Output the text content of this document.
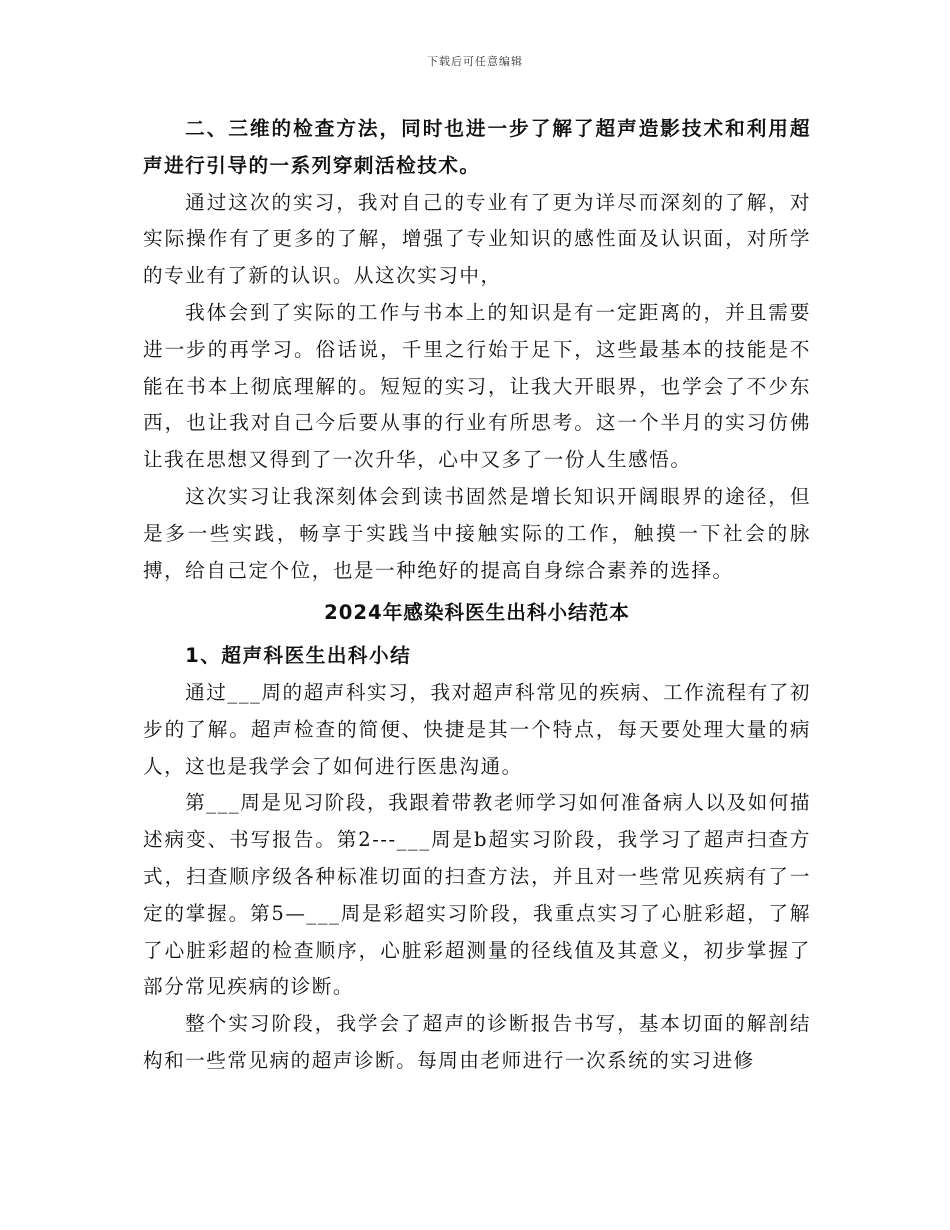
下载后可任意编辑

二、三维的检查方法，同时也进一步了解了超声造影技术和利用超声进行引导的一系列穿刺活检技术。

通过这次的实习，我对自己的专业有了更为详尽而深刻的了解，对实际操作有了更多的了解，增强了专业知识的感性面及认识面，对所学的专业有了新的认识。从这次实习中，

我体会到了实际的工作与书本上的知识是有一定距离的，并且需要进一步的再学习。俗话说，千里之行始于足下，这些最基本的技能是不能在书本上彻底理解的。短短的实习，让我大开眼界，也学会了不少东西，也让我对自己今后要从事的行业有所思考。这一个半月的实习仿佛让我在思想又得到了一次升华，心中又多了一份人生感悟。

这次实习让我深刻体会到读书固然是增长知识开阔眼界的途径，但是多一些实践，畅享于实践当中接触实际的工作，触摸一下社会的脉搏，给自己定个位，也是一种绝好的提高自身综合素养的选择。

2024年感染科医生出科小结范本

1、超声科医生出科小结

通过___周的超声科实习，我对超声科常见的疾病、工作流程有了初步的了解。超声检查的简便、快捷是其一个特点，每天要处理大量的病人，这也是我学会了如何进行医患沟通。

第___周是见习阶段，我跟着带教老师学习如何准备病人以及如何描述病变、书写报告。第2---___周是b超实习阶段，我学习了超声扫查方式，扫查顺序级各种标准切面的扫查方法，并且对一些常见疾病有了一定的掌握。第5—___周是彩超实习阶段，我重点实习了心脏彩超，了解了心脏彩超的检查顺序，心脏彩超测量的径线值及其意义，初步掌握了部分常见疾病的诊断。

整个实习阶段，我学会了超声的诊断报告书写，基本切面的解剖结构和一些常见病的超声诊断。每周由老师进行一次系统的实习进修
